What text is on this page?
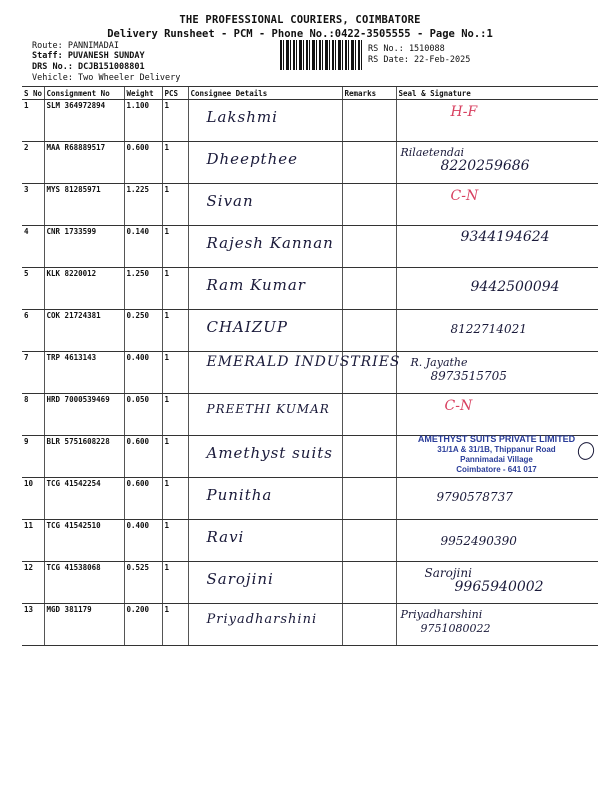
THE PROFESSIONAL COURIERS, COIMBATORE
Delivery Runsheet - PCM - Phone No.:0422-3505555 - Page No.:1
Route: PANNIMADAI
Staff: PUVANESH SUNDAY
DRS No.: DCJB151008801
Vehicle: Two Wheeler Delivery
RS No.: 1510088
RS Date: 22-Feb-2025
S No	Consignment No	Weight	PCS	Consignee Details	Remarks	Seal & Signature
1	SLM 364972894	1.100	1	Lakshmi		H-F

2	MAA R68889517	0.600	1	Dheepthee		Rilaetendai
8220259686

3	MYS 81285971	1.225	1	Sivan		C-N

4	CNR 1733599	0.140	1	Rajesh Kannan		9344194624

5	KLK 8220012	1.250	1	Ram Kumar		9442500094

6	COK 21724381	0.250	1	CHAIZUP		8122714021

7	TRP 4613143	0.400	1	EMERALD INDUSTRIES		R. Jayathe
8973515705

8	HRD 7000539469	0.050	1	PREETHI KUMAR		C-N

9	BLR 5751608228	0.600	1	Amethyst suits		AMETHYST SUITS PRIVATE LIMITED
31/1A & 31/1B, Thippanur Road
Pannimadai Village
Coimbatore - 641 017

10	TCG 41542254	0.600	1	Punitha		9790578737

11	TCG 41542510	0.400	1	Ravi		9952490390

12	TCG 41538068	0.525	1	Sarojini		Sarojini
9965940002

13	MGD 381179	0.200	1	Priyadharshini		Priyadharshini
9751080022
